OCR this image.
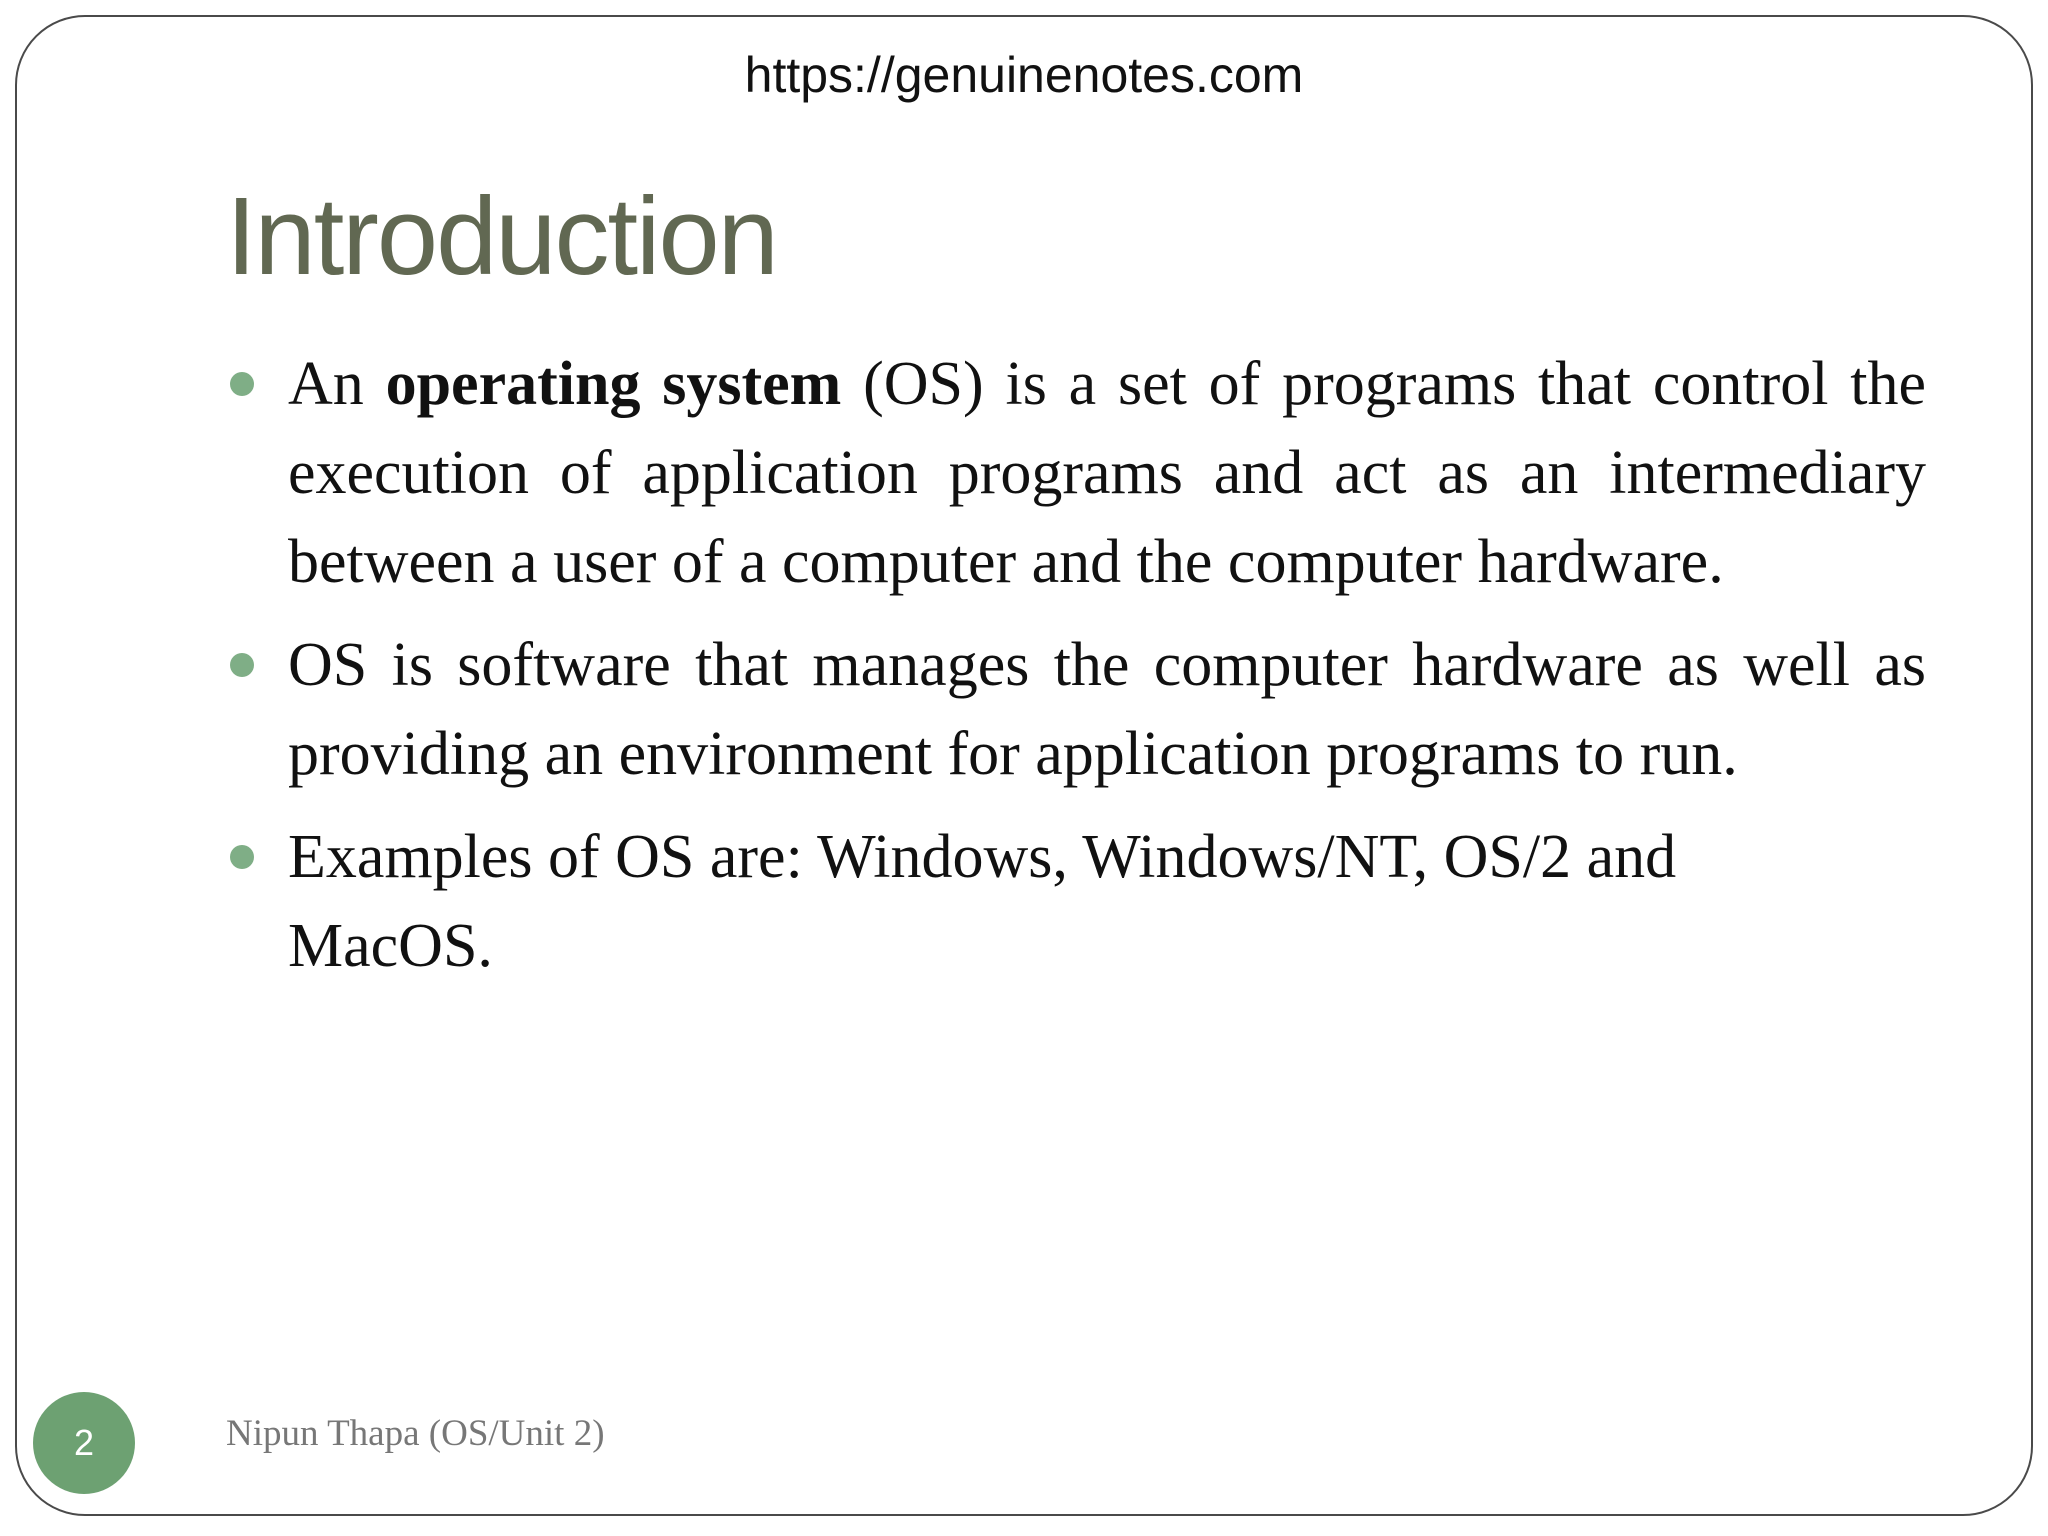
https://genuinenotes.com
Introduction
An operating system (OS) is a set of programs that control the execution of application programs and act as an intermediary between a user of a computer and the computer hardware.
OS is software that manages the computer hardware as well as providing an environment for application programs to run.
Examples of OS are: Windows, Windows/NT, OS/2 and MacOS.
2	Nipun Thapa (OS/Unit 2)
